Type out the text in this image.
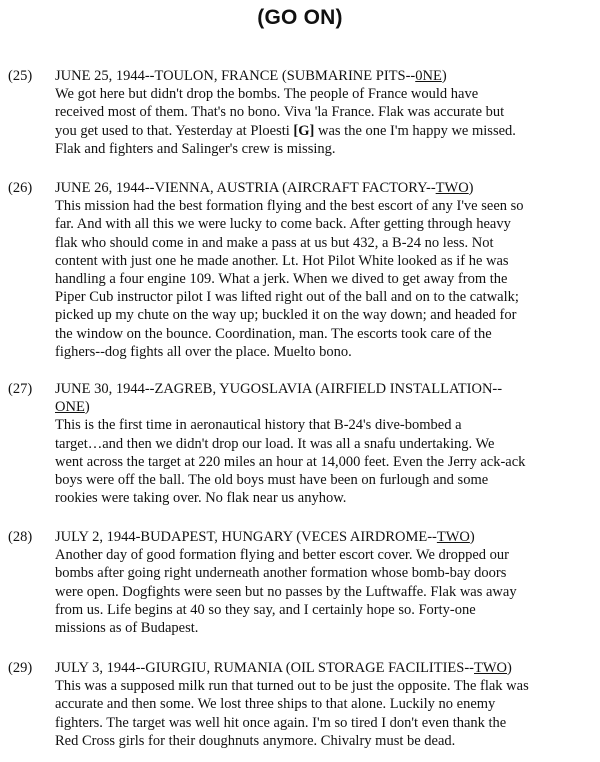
(GO ON)
(25) JUNE 25, 1944--TOULON, FRANCE (SUBMARINE PITS--0NE)
We got here but didn't drop the bombs. The people of France would have
received most of them. That's no bono. Viva 'la France. Flak was accurate but
you get used to that. Yesterday at Ploesti [G] was the one I'm happy we missed.
Flak and fighters and Salinger's crew is missing.
(26) JUNE 26, 1944--VIENNA, AUSTRIA (AIRCRAFT FACTORY--TWO)
This mission had the best formation flying and the best escort of any I've seen so
far. And with all this we were lucky to come back. After getting through heavy
flak who should come in and make a pass at us but 432, a B-24 no less. Not
content with just one he made another. Lt. Hot Pilot White looked as if he was
handling a four engine 109. What a jerk. When we dived to get away from the
Piper Cub instructor pilot I was lifted right out of the ball and on to the catwalk;
picked up my chute on the way up; buckled it on the way down; and headed for
the window on the bounce. Coordination, man. The escorts took care of the
fighers--dog fights all over the place. Muelto bono.
(27) JUNE 30, 1944--ZAGREB, YUGOSLAVIA (AIRFIELD INSTALLATION--
ONE)
This is the first time in aeronautical history that B-24's dive-bombed a
target…and then we didn't drop our load. It was all a snafu undertaking. We
went across the target at 220 miles an hour at 14,000 feet. Even the Jerry ack-ack
boys were off the ball. The old boys must have been on furlough and some
rookies were taking over. No flak near us anyhow.
(28) JULY 2, 1944-BUDAPEST, HUNGARY (VECES AIRDROME--TWO)
Another day of good formation flying and better escort cover. We dropped our
bombs after going right underneath another formation whose bomb-bay doors
were open. Dogfights were seen but no passes by the Luftwaffe. Flak was away
from us. Life begins at 40 so they say, and I certainly hope so. Forty-one
missions as of Budapest.
(29) JULY 3, 1944--GIURGIU, RUMANIA (OIL STORAGE FACILITIES--TWO)
This was a supposed milk run that turned out to be just the opposite. The flak was
accurate and then some. We lost three ships to that alone. Luckily no enemy
fighters. The target was well hit once again. I'm so tired I don't even thank the
Red Cross girls for their doughnuts anymore. Chivalry must be dead.
